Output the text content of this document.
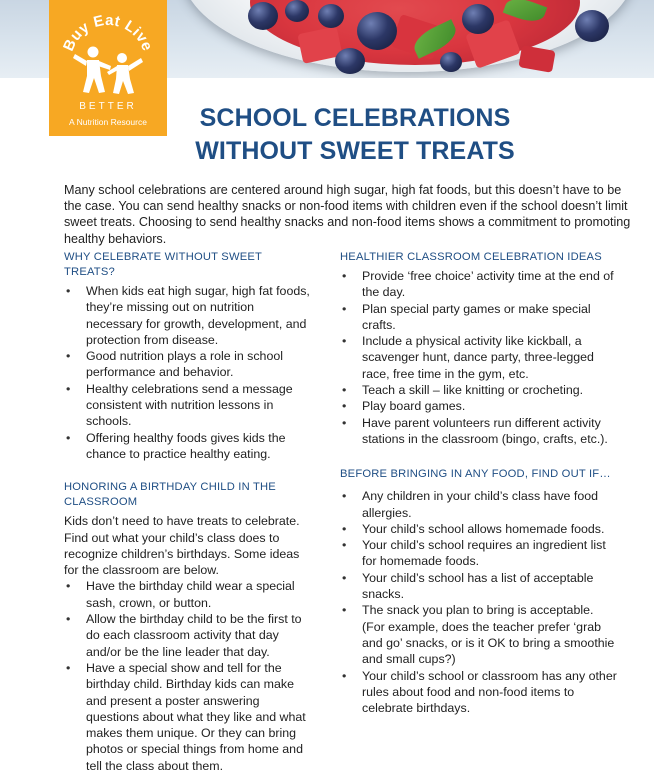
Buy Eat Live
BETTER
A Nutrition Resource	SCHOOL CELEBRATIONS
WITHOUT SWEET TREATS
Many school celebrations are centered around high sugar, high fat foods, but this doesn’t have to be the case. You can send healthy snacks or non-food items with children even if the school doesn’t limit sweet treats. Choosing to send healthy snacks and non-food items shows a commitment to promoting healthy behaviors.
WHY CELEBRATE WITHOUT SWEET TREATS?
• When kids eat high sugar, high fat foods, they’re missing out on nutrition necessary for growth, development, and protection from disease.
• Good nutrition plays a role in school performance and behavior.
• Healthy celebrations send a message consistent with nutrition lessons in schools.
• Offering healthy foods gives kids the chance to practice healthy eating.
HONORING A BIRTHDAY CHILD IN THE CLASSROOM

Kids don’t need to have treats to celebrate. Find out what your child’s class does to recognize children’s birthdays. Some ideas for the classroom are below.

• Have the birthday child wear a special sash, crown, or button.
• Allow the birthday child to be the first to do each classroom activity that day and/or be the line leader that day.
• Have a special show and tell for the birthday child. Birthday kids can make and present a poster answering questions about what they like and what makes them unique. Or they can bring photos or special things from home and tell the class about them.
HEALTHIER CLASSROOM CELEBRATION IDEAS
• Provide ‘free choice’ activity time at the end of the day.
• Plan special party games or make special crafts.
• Include a physical activity like kickball, a scavenger hunt, dance party, three-legged race, free time in the gym, etc.
• Teach a skill – like knitting or crocheting.
• Play board games.
• Have parent volunteers run different activity stations in the classroom (bingo, crafts, etc.).
BEFORE BRINGING IN ANY FOOD, FIND OUT IF…
• Any children in your child’s class have food allergies.
• Your child’s school allows homemade foods.
• Your child’s school requires an ingredient list for homemade foods.
• Your child’s school has a list of acceptable snacks.
• The snack you plan to bring is acceptable. (For example, does the teacher prefer ‘grab and go’ snacks, or is it OK to bring a smoothie and small cups?)
• Your child’s school or classroom has any other rules about food and non-food items to celebrate birthdays.
